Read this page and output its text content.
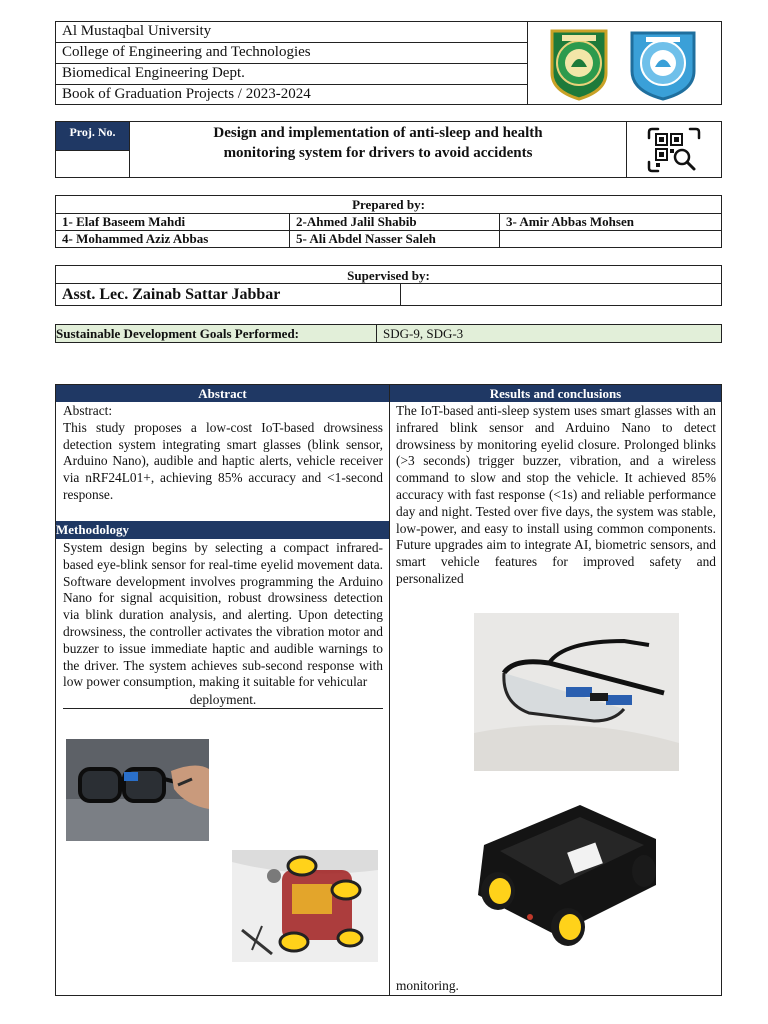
Al Mustaqbal University
College of Engineering and Technologies
Biomedical Engineering Dept.
Book of Graduation Projects / 2023-2024
Proj. No.	Design and implementation of anti-sleep and health
monitoring system for drivers to avoid accidents
Prepared by:
1- Elaf Baseem Mahdi	2-Ahmed Jalil Shabib	3- Amir Abbas Mohsen
4- Mohammed Aziz Abbas	5- Ali Abdel Nasser Saleh
Supervised by:
Asst. Lec. Zainab Sattar Jabbar
Sustainable Development Goals Performed:	SDG-9, SDG-3
Abstract	Results and conclusions
Abstract:
This study proposes a low-cost IoT-based drowsiness detection system integrating smart glasses (blink sensor, Arduino Nano), audible and haptic alerts, vehicle receiver via nRF24L01+, achieving 85% accuracy and <1-second response.
Methodology
System design begins by selecting a compact infrared-based eye-blink sensor for real-time eyelid movement data. Software development involves programming the Arduino Nano for signal acquisition, robust drowsiness detection via blink duration analysis, and alerting. Upon detecting drowsiness, the controller activates the vibration motor and buzzer to issue immediate haptic and audible warnings to the driver. The system achieves sub-second response with low power consumption, making it suitable for vehicular
deployment.
The IoT-based anti-sleep system uses smart glasses with an infrared blink sensor and Arduino Nano to detect drowsiness by monitoring eyelid closure. Prolonged blinks (>3 seconds) trigger buzzer, vibration, and a wireless command to slow and stop the vehicle. It achieved 85% accuracy with fast response (<1s) and reliable performance day and night. Tested over five days, the system was stable, low-power, and easy to install using common components. Future upgrades aim to integrate AI, biometric sensors, and smart vehicle features for improved safety and personalized
monitoring.
